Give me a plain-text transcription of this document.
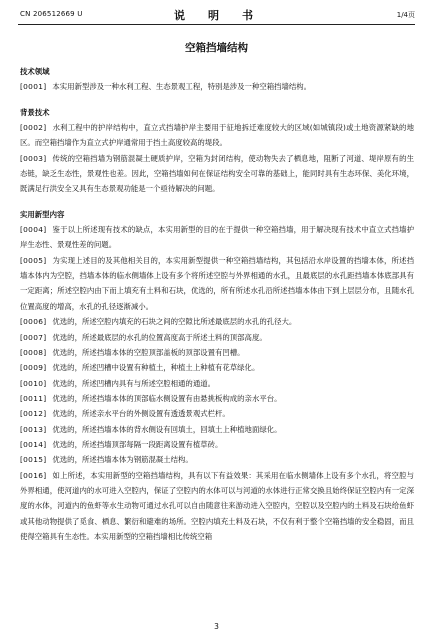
CN 206512669 U	说　明　书	1/4页
空箱挡墙结构
技术领域
[0001] 本实用新型涉及一种水利工程、生态景观工程，特别是涉及一种空箱挡墙结构。
背景技术
[0002] 水利工程中的护岸结构中，直立式挡墙护岸主要用于征地拆迁难度较大的区域(如城镇段)或土地资源紧缺的地区。而空箱挡墙作为直立式护岸通常用于挡土高度较高的堤段。
[0003] 传统的空箱挡墙为钢筋混凝土硬质护岸，空箱为封闭结构，使动物失去了栖息地，阻断了河道、堤岸原有的生态链，缺乏生态性，景观性也差。因此，空箱挡墙如何在保证结构安全可靠的基础上，能同时具有生态环保、美化环境，既满足行洪安全又具有生态景观功能是一个亟待解决的问题。
实用新型内容
[0004] 鉴于以上所述现有技术的缺点，本实用新型的目的在于提供一种空箱挡墙，用于解决现有技术中直立式挡墙护岸生态性、景观性差的问题。
[0005] 为实现上述目的及其他相关目的，本实用新型提供一种空箱挡墙结构，其包括沿水岸设置的挡墙本体，所述挡墙本体内为空腔，挡墙本体的临水侧墙体上设有多个将所述空腔与外界相通的水孔，且最底层的水孔距挡墙本体底部具有一定距离；所述空腔内由下而上填充有土料和石块，优选的，所有所述水孔沿所述挡墙本体由下到上层层分布，且随水孔位置高度的增高，水孔的孔径逐渐减小。
[0006] 优选的，所述空腔内填充的石块之间的空隙比所述最底层的水孔的孔径大。
[0007] 优选的，所述最底层的水孔的位置高度高于所述土料的顶部高度。
[0008] 优选的，所述挡墙本体的空腔顶部盖板的顶部设置有凹槽。
[0009] 优选的，所述凹槽中设置有种植土，种植土上种植有花草绿化。
[0010] 优选的，所述凹槽内具有与所述空腔相通的通道。
[0011] 优选的，所述挡墙本体的顶部临水侧设置有由悬挑板构成的亲水平台。
[0012] 优选的，所述亲水平台的外侧设置有透透景观式栏杆。
[0013] 优选的，所述挡墙本体的背水侧设有回填土，回填土上种植地面绿化。
[0014] 优选的，所述挡墙顶部每隔一段距离设置有植草砖。
[0015] 优选的，所述挡墙本体为钢筋混凝土结构。
[0016] 如上所述，本实用新型的空箱挡墙结构，具有以下有益效果：其采用在临水侧墙体上设有多个水孔，将空腔与外界相通，使河道内的水可进入空腔内，保证了空腔内的水体可以与河道的水体进行正常交换且始终保证空腔内有一定深度的水体，河道内的鱼虾等水生动物可通过水孔可以自由随意往来游动进入空腔内，空腔以及空腔内的土料及石块给鱼虾或其他动物提供了觅食、栖息、繁衍和避难的场所。空腔内填充土料及石块，不仅有利于整个空箱挡墙的安全稳固，而且使得空箱具有生态性。本实用新型的空箱挡墙相比传统空箱
3
